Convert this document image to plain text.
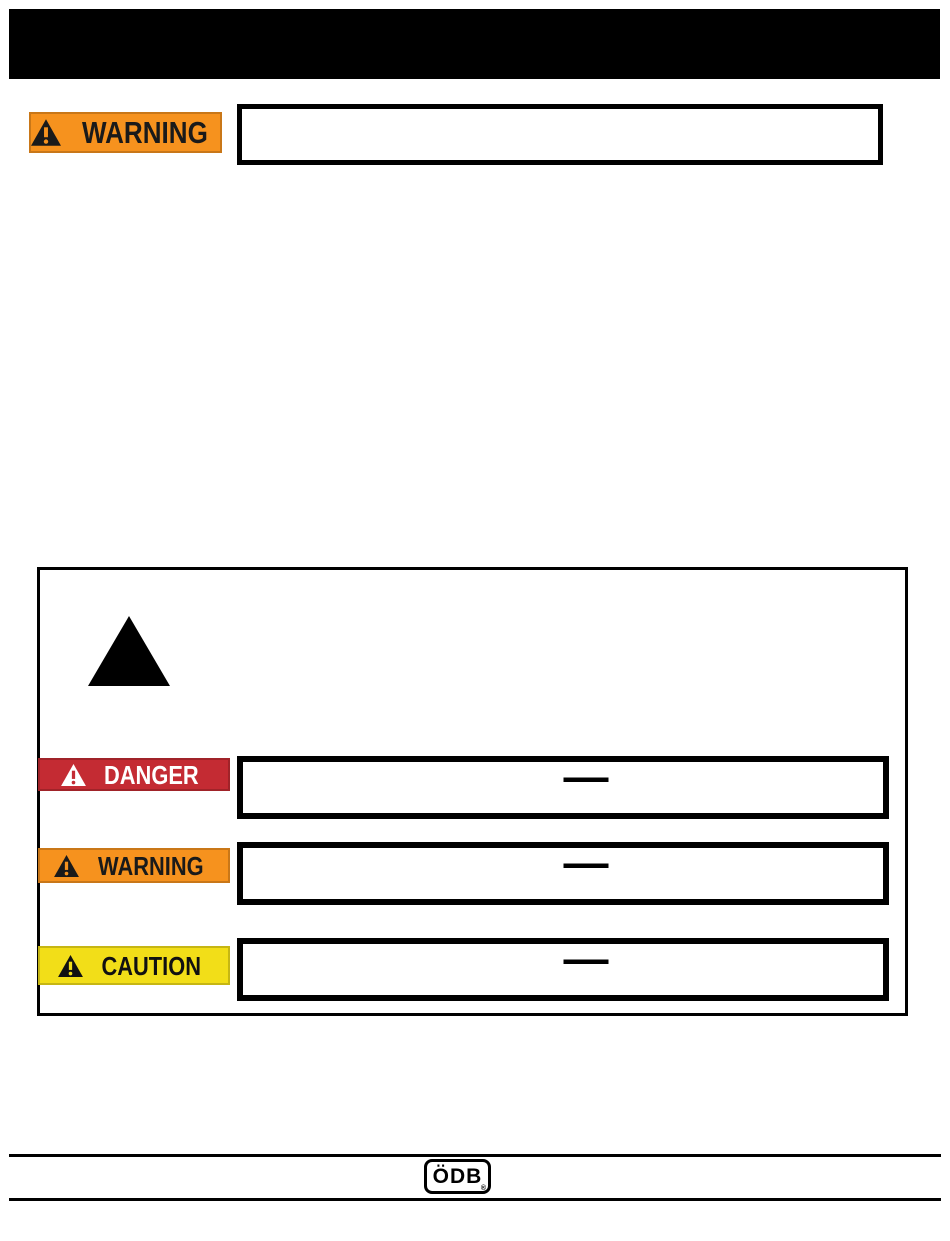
WARNING
DANGER	—
WARNING	—
CAUTION	—
ÖDB
®
